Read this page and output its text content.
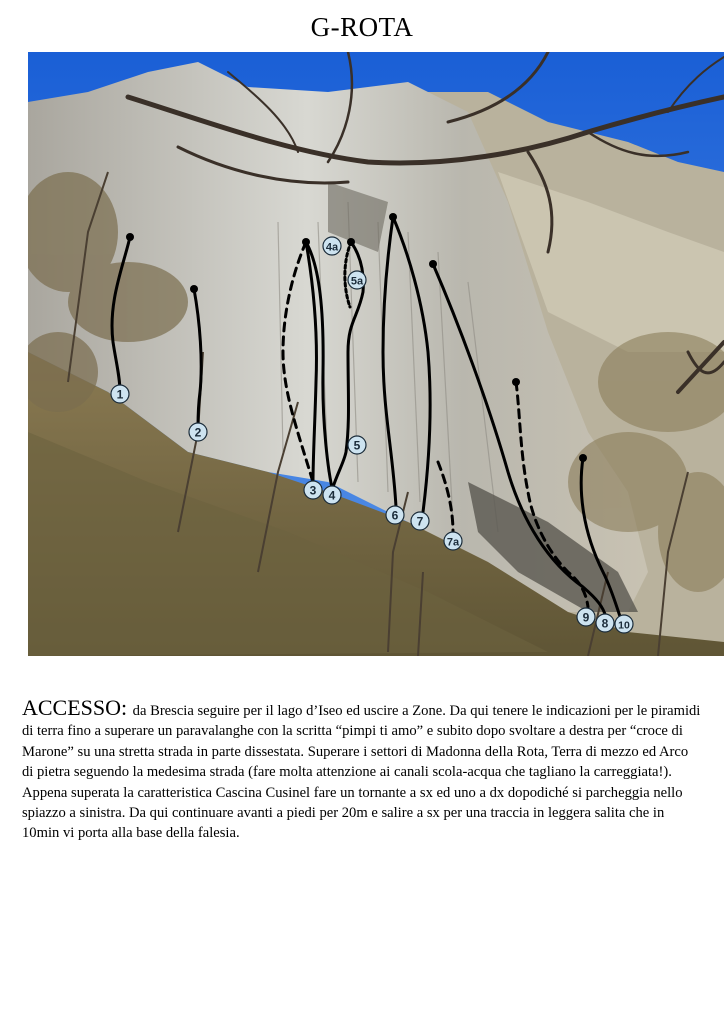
G-ROTA
1
2
3 4
4a
5
5a
6 7
7a
8
9
10
ACCESSO: da Brescia seguire per il lago d’Iseo ed uscire a Zone. Da qui tenere le indicazioni per le piramidi di terra fino a superare un paravalanghe con la scritta “pimpi ti amo” e subito dopo svoltare a destra per “croce di Marone” su una stretta strada in parte dissestata. Superare i settori di Madonna della Rota, Terra di mezzo ed Arco di pietra seguendo la medesima strada (fare molta attenzione ai canali scola-acqua che tagliano la carreggiata!). Appena superata la caratteristica Cascina Cusinel fare un tornante a sx ed uno a dx dopodiché si parcheggia nello spiazzo a sinistra. Da qui continuare avanti a piedi per 20m e salire a sx per una traccia in leggera salita che in 10min vi porta alla base della falesia.
